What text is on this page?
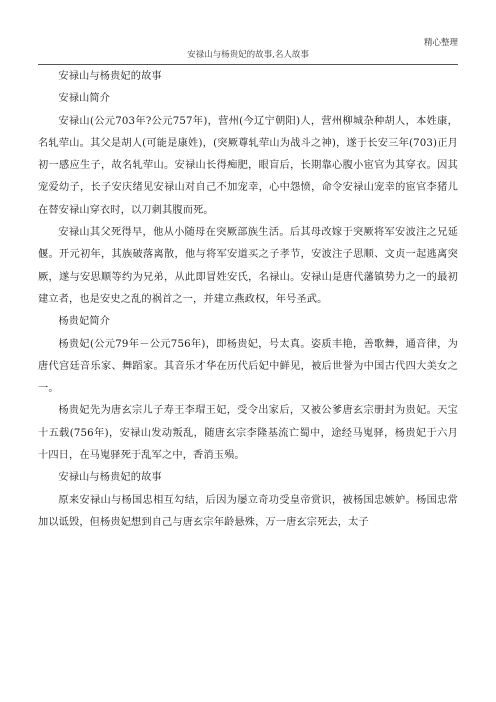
精心整理
安禄山与杨贵妃的故事,名人故事

安禄山与杨贵妃的故事

安禄山简介

安禄山(公元703年?公元757年)，营州(今辽宁朝阳)人，营州柳城杂种胡人，本姓康，名轧荦山。其父是胡人(可能是康姓)，(突厥尊轧荦山为战斗之神)，遂于长安三年(703)正月初一感应生子，故名轧荦山。安禄山长得痴肥，眼盲后，长期靠心腹小宦官为其穿衣。因其宠爱幼子，长子安庆绪见安禄山对自己不加宠幸，心中怨愤，命令安禄山宠幸的宦官李猪儿在替安禄山穿衣时，以刀刺其腹而死。

安禄山其父死得早，他从小随母在突厥部族生活。后其母改嫁于突厥将军安波注之兄延偃。开元初年，其族破落离散，他与将军安道买之子孝节，安波注子思顺、文贞一起逃离突厥，遂与安思顺等约为兄弟，从此即冒姓安氏，名禄山。安禄山是唐代藩镇势力之一的最初建立者，也是安史之乱的祸首之一，并建立燕政权，年号圣武。

杨贵妃简介

杨贵妃(公元79年－公元756年)，即杨贵妃，号太真。姿质丰艳，善歌舞，通音律，为唐代宫廷音乐家、舞蹈家。其音乐才华在历代后妃中鲜见，被后世誉为中国古代四大美女之一。

杨贵妃先为唐玄宗儿子寿王李瑁王妃，受令出家后，又被公爹唐玄宗册封为贵妃。天宝十五载(756年)，安禄山发动叛乱，随唐玄宗李隆基流亡蜀中，途经马嵬驿，杨贵妃于六月十四日，在马嵬驿死于乱军之中，香消玉殒。

安禄山与杨贵妃的故事

原来安禄山与杨国忠相互勾结，后因为屡立奇功受皇帝赏识，被杨国忠嫉妒。杨国忠常加以诋毁，但杨贵妃想到自己与唐玄宗年龄悬殊，万一唐玄宗死去，太子
